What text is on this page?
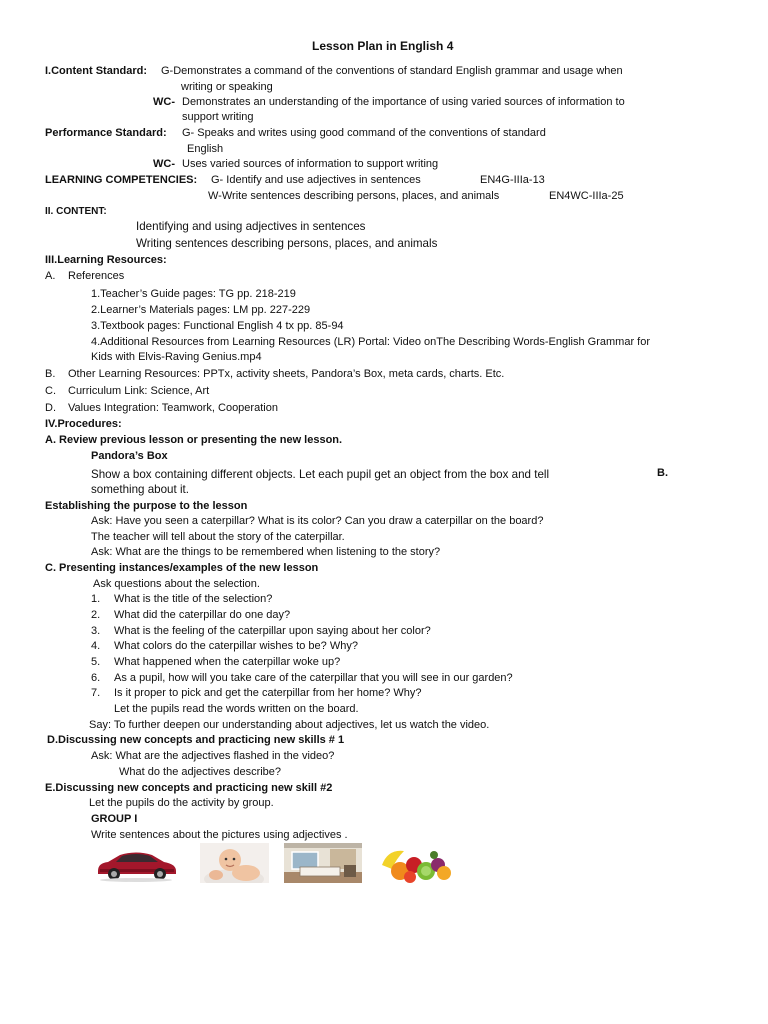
Lesson Plan in English 4
I.Content Standard: G-Demonstrates a command of the conventions of standard English grammar and usage when
writing or speaking
WC- Demonstrates an understanding of the importance of using varied sources of information to
support writing
Performance Standard: G- Speaks and writes using good command of the conventions of standard
English
WC- Uses varied sources of information to support writing
LEARNING COMPETENCIES: G- Identify and use adjectives in sentences	EN4G-IIIa-13
W-Write sentences describing persons, places, and animals	EN4WC-IIIa-25
II. CONTENT:
Identifying and using adjectives in sentences
Writing sentences describing persons, places, and animals
III.Learning Resources:
A. References
1.Teacher’s Guide pages: TG pp. 218-219
2.Learner’s Materials pages: LM pp. 227-229
3.Textbook pages: Functional English 4 tx pp. 85-94
4.Additional Resources from Learning Resources (LR) Portal: Video onThe Describing Words-English Grammar for
Kids with Elvis-Raving Genius.mp4
B. Other Learning Resources: PPTx, activity sheets, Pandora’s Box, meta cards, charts. Etc.
C. Curriculum Link: Science, Art
D. Values Integration: Teamwork, Cooperation
IV.Procedures:
A. Review previous lesson or presenting the new lesson.
Pandora’s Box
Show a box containing different objects. Let each pupil get an object from the box and tell
something about it.
B.
Establishing the purpose to the lesson
Ask: Have you seen a caterpillar? What is its color? Can you draw a caterpillar on the board?
The teacher will tell about the story of the caterpillar.
Ask: What are the things to be remembered when listening to the story?
C. Presenting instances/examples of the new lesson
Ask questions about the selection.
1. What is the title of the selection?
2. What did the caterpillar do one day?
3. What is the feeling of the caterpillar upon saying about her color?
4. What colors do the caterpillar wishes to be? Why?
5. What happened when the caterpillar woke up?
6. As a pupil, how will you take care of the caterpillar that you will see in our garden?
7. Is it proper to pick and get the caterpillar from her home? Why?
Let the pupils read the words written on the board.
Say: To further deepen our understanding about adjectives, let us watch the video.
D.Discussing new concepts and practicing new skills # 1
Ask: What are the adjectives flashed in the video?
What do the adjectives describe?
E.Discussing new concepts and practicing new skill #2
Let the pupils do the activity by group.
GROUP I
Write sentences about the pictures using adjectives .
